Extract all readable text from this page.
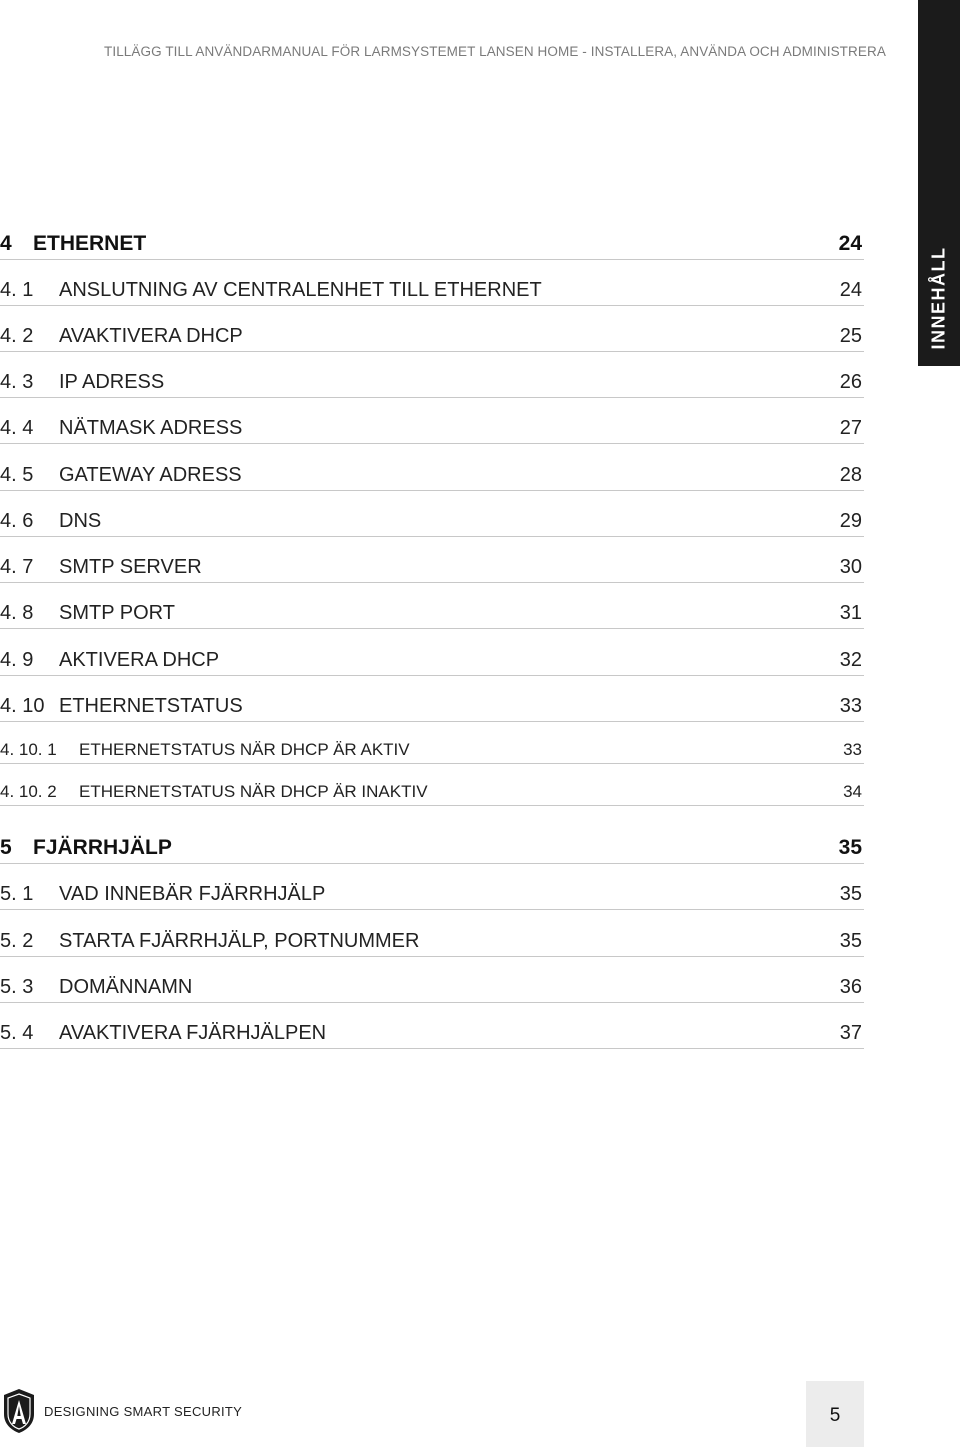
TILLÄGG TILL ANVÄNDARMANUAL FÖR LARMSYSTEMET LANSEN HOME - INSTALLERA, ANVÄNDA OCH ADMINISTRERA
INNEHÅLL
4 ETHERNET	24
4. 1 ANSLUTNING AV CENTRALENHET TILL ETHERNET	24
4. 2 AVAKTIVERA DHCP	25
4. 3 IP ADRESS	26
4. 4 NÄTMASK ADRESS	27
4. 5 GATEWAY ADRESS	28
4. 6 DNS	29
4. 7 SMTP SERVER	30
4. 8 SMTP PORT	31
4. 9 AKTIVERA DHCP	32
4. 10 ETHERNETSTATUS	33
4. 10. 1 ETHERNETSTATUS NÄR DHCP ÄR AKTIV	33
4. 10. 2 ETHERNETSTATUS NÄR DHCP ÄR INAKTIV	34
5 FJÄRRHJÄLP	35
5. 1 VAD INNEBÄR FJÄRRHJÄLP	35
5. 2 STARTA FJÄRRHJÄLP, PORTNUMMER	35
5. 3 DOMÄNNAMN	36
5. 4 AVAKTIVERA FJÄRHJÄLPEN	37
DESIGNING SMART SECURITY	5
